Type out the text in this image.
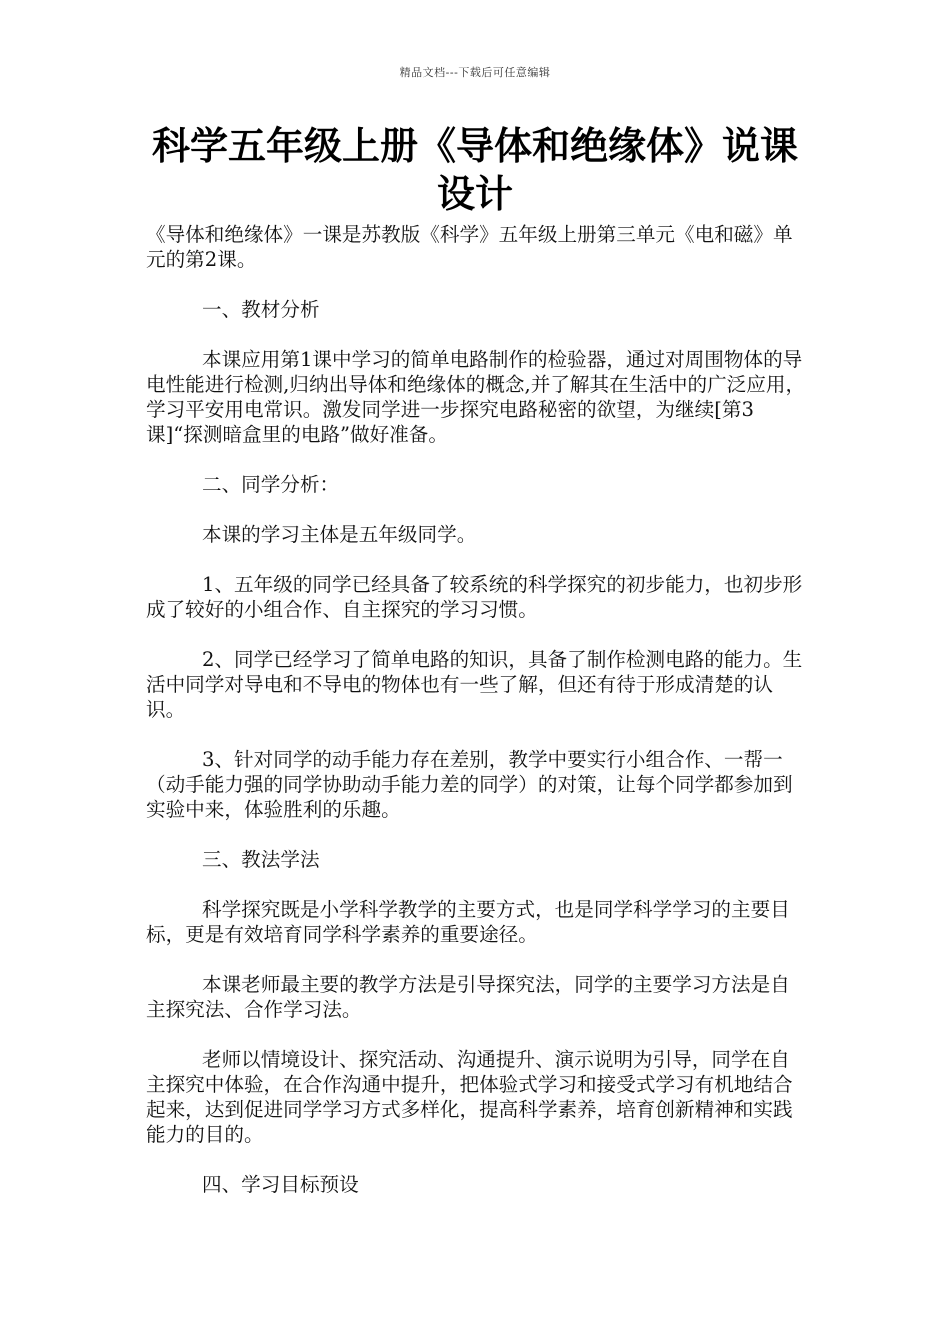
精品文档---下载后可任意编辑
科学五年级上册《导体和绝缘体》说课设计

《导体和绝缘体》一课是苏教版《科学》五年级上册第三单元《电和磁》单元的第2课。

一、教材分析

本课应用第1课中学习的简单电路制作的检验器，通过对周围物体的导电性能进行检测,归纳出导体和绝缘体的概念,并了解其在生活中的广泛应用，学习平安用电常识。激发同学进一步探究电路秘密的欲望，为继续[第3课]“探测暗盒里的电路”做好准备。

二、同学分析：

本课的学习主体是五年级同学。

1、五年级的同学已经具备了较系统的科学探究的初步能力，也初步形成了较好的小组合作、自主探究的学习习惯。

2、同学已经学习了简单电路的知识，具备了制作检测电路的能力。生活中同学对导电和不导电的物体也有一些了解，但还有待于形成清楚的认识。

3、针对同学的动手能力存在差别，教学中要实行小组合作、一帮一（动手能力强的同学协助动手能力差的同学）的对策，让每个同学都参加到实验中来，体验胜利的乐趣。

三、教法学法

科学探究既是小学科学教学的主要方式，也是同学科学学习的主要目标，更是有效培育同学科学素养的重要途径。

本课老师最主要的教学方法是引导探究法，同学的主要学习方法是自主探究法、合作学习法。

老师以情境设计、探究活动、沟通提升、演示说明为引导，同学在自主探究中体验，在合作沟通中提升，把体验式学习和接受式学习有机地结合起来，达到促进同学学习方式多样化，提高科学素养，培育创新精神和实践能力的目的。

四、学习目标预设
